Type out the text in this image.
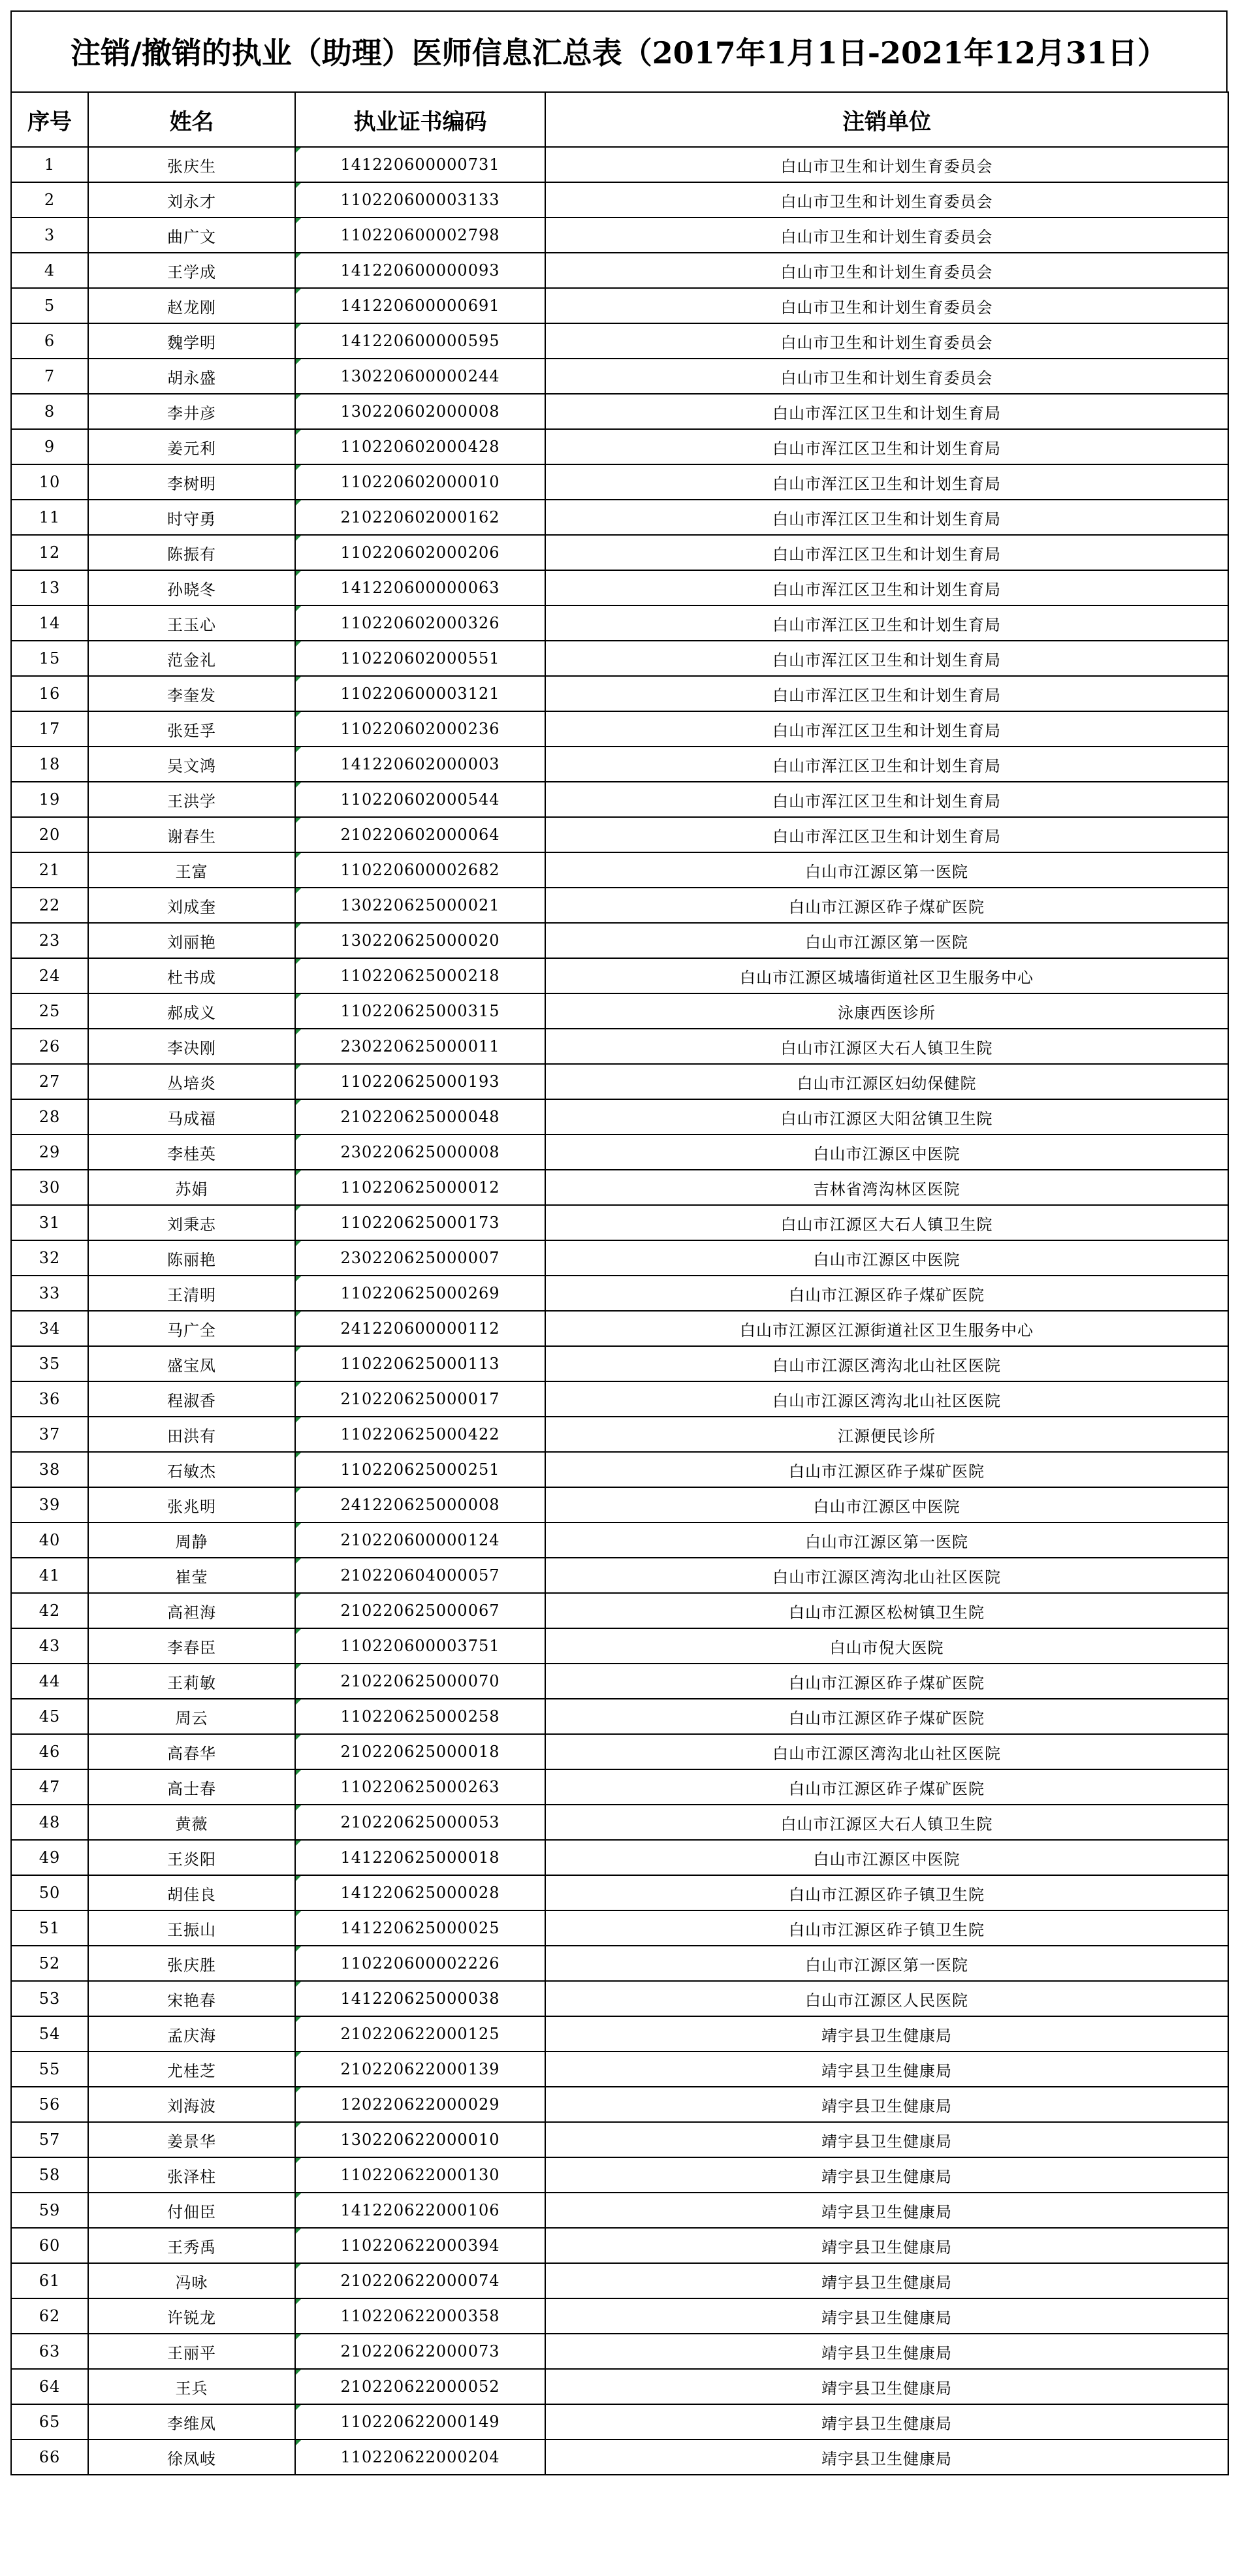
注销/撤销的执业（助理）医师信息汇总表（2017年1月1日-2021年12月31日）
序号	姓名	执业证书编码	注销单位
1	张庆生	141220600000731	白山市卫生和计划生育委员会
2	刘永才	110220600003133	白山市卫生和计划生育委员会
3	曲广文	110220600002798	白山市卫生和计划生育委员会
4	王学成	141220600000093	白山市卫生和计划生育委员会
5	赵龙刚	141220600000691	白山市卫生和计划生育委员会
6	魏学明	141220600000595	白山市卫生和计划生育委员会
7	胡永盛	130220600000244	白山市卫生和计划生育委员会
8	李井彦	130220602000008	白山市浑江区卫生和计划生育局
9	姜元利	110220602000428	白山市浑江区卫生和计划生育局
10	李树明	110220602000010	白山市浑江区卫生和计划生育局
11	时守勇	210220602000162	白山市浑江区卫生和计划生育局
12	陈振有	110220602000206	白山市浑江区卫生和计划生育局
13	孙晓冬	141220600000063	白山市浑江区卫生和计划生育局
14	王玉心	110220602000326	白山市浑江区卫生和计划生育局
15	范金礼	110220602000551	白山市浑江区卫生和计划生育局
16	李奎发	110220600003121	白山市浑江区卫生和计划生育局
17	张廷孚	110220602000236	白山市浑江区卫生和计划生育局
18	吴文鸿	141220602000003	白山市浑江区卫生和计划生育局
19	王洪学	110220602000544	白山市浑江区卫生和计划生育局
20	谢春生	210220602000064	白山市浑江区卫生和计划生育局
21	王富	110220600002682	白山市江源区第一医院
22	刘成奎	130220625000021	白山市江源区砟子煤矿医院
23	刘丽艳	130220625000020	白山市江源区第一医院
24	杜书成	110220625000218	白山市江源区城墙街道社区卫生服务中心
25	郝成义	110220625000315	泳康西医诊所
26	李决刚	230220625000011	白山市江源区大石人镇卫生院
27	丛培炎	110220625000193	白山市江源区妇幼保健院
28	马成福	210220625000048	白山市江源区大阳岔镇卫生院
29	李桂英	230220625000008	白山市江源区中医院
30	苏娟	110220625000012	吉林省湾沟林区医院
31	刘秉志	110220625000173	白山市江源区大石人镇卫生院
32	陈丽艳	230220625000007	白山市江源区中医院
33	王清明	110220625000269	白山市江源区砟子煤矿医院
34	马广全	241220600000112	白山市江源区江源街道社区卫生服务中心
35	盛宝凤	110220625000113	白山市江源区湾沟北山社区医院
36	程淑香	210220625000017	白山市江源区湾沟北山社区医院
37	田洪有	110220625000422	江源便民诊所
38	石敏杰	110220625000251	白山市江源区砟子煤矿医院
39	张兆明	241220625000008	白山市江源区中医院
40	周静	210220600000124	白山市江源区第一医院
41	崔莹	210220604000057	白山市江源区湾沟北山社区医院
42	高袒海	210220625000067	白山市江源区松树镇卫生院
43	李春臣	110220600003751	白山市倪大医院
44	王莉敏	210220625000070	白山市江源区砟子煤矿医院
45	周云	110220625000258	白山市江源区砟子煤矿医院
46	高春华	210220625000018	白山市江源区湾沟北山社区医院
47	高士春	110220625000263	白山市江源区砟子煤矿医院
48	黄薇	210220625000053	白山市江源区大石人镇卫生院
49	王炎阳	141220625000018	白山市江源区中医院
50	胡佳良	141220625000028	白山市江源区砟子镇卫生院
51	王振山	141220625000025	白山市江源区砟子镇卫生院
52	张庆胜	110220600002226	白山市江源区第一医院
53	宋艳春	141220625000038	白山市江源区人民医院
54	孟庆海	210220622000125	靖宇县卫生健康局
55	尤桂芝	210220622000139	靖宇县卫生健康局
56	刘海波	120220622000029	靖宇县卫生健康局
57	姜景华	130220622000010	靖宇县卫生健康局
58	张泽柱	110220622000130	靖宇县卫生健康局
59	付佃臣	141220622000106	靖宇县卫生健康局
60	王秀禹	110220622000394	靖宇县卫生健康局
61	冯咏	210220622000074	靖宇县卫生健康局
62	许锐龙	110220622000358	靖宇县卫生健康局
63	王丽平	210220622000073	靖宇县卫生健康局
64	王兵	210220622000052	靖宇县卫生健康局
65	李维凤	110220622000149	靖宇县卫生健康局
66	徐凤岐	110220622000204	靖宇县卫生健康局
